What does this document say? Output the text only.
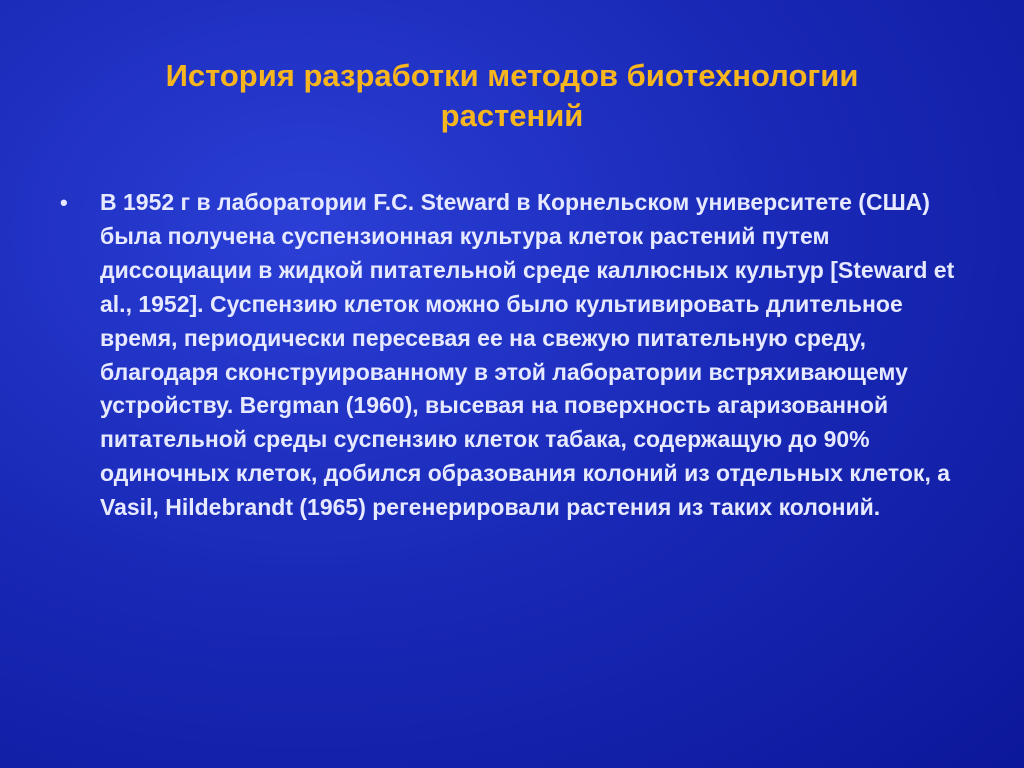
История разработки методов биотехнологии растений
•	В 1952 г в лаборатории F.C. Steward в Корнельском университете (США) была получена суспензионная культура клеток растений путем диссоциации в жидкой питательной среде каллюсных культур [Steward et al., 1952]. Суспензию клеток можно было культивировать длительное время, периодически пересевая ее на свежую питательную среду, благодаря сконструированному в этой лаборатории встряхивающему устройству. Bergman (1960), высевая на поверхность агаризованной питательной среды суспензию клеток табака, содержащую до 90% одиночных клеток, добился образования колоний из отдельных клеток, а Vasil, Hildebrandt (1965) регенерировали растения из таких колоний.
